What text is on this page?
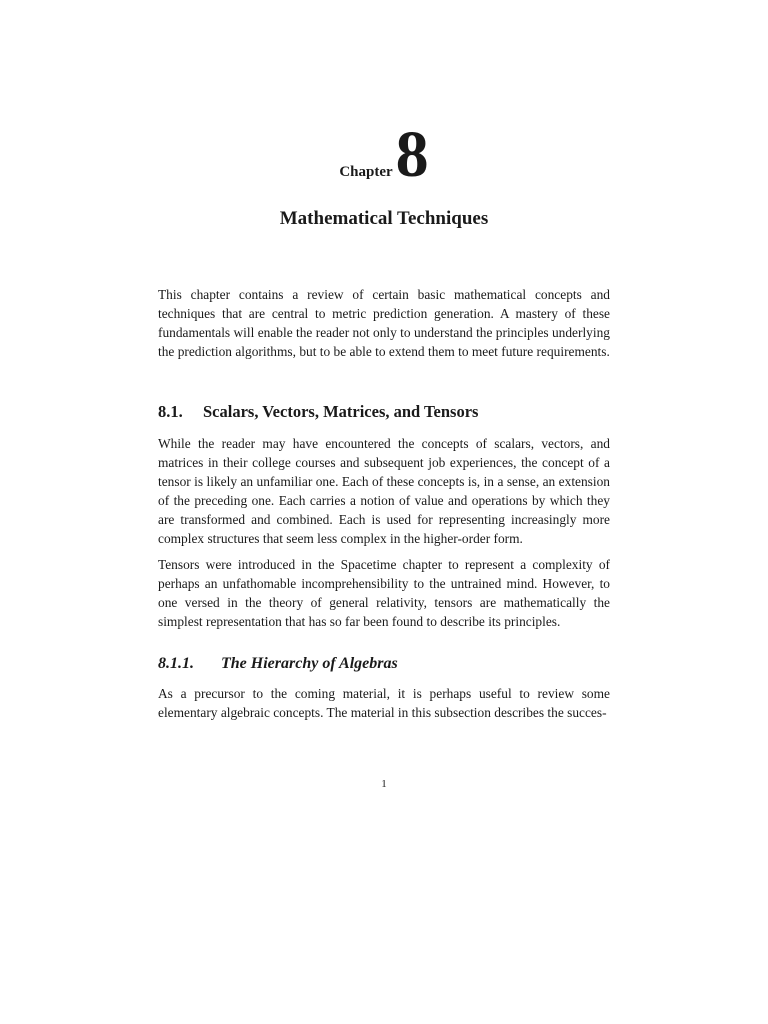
Chapter8
Mathematical Techniques

This chapter contains a review of certain basic mathematical concepts and techniques that are central to metric prediction generation. A mastery of these fundamentals will enable the reader not only to understand the principles underlying the prediction algorithms, but to be able to extend them to meet future requirements.

8.1. Scalars, Vectors, Matrices, and Tensors

While the reader may have encountered the concepts of scalars, vectors, and matrices in their college courses and subsequent job experiences, the concept of a tensor is likely an unfamiliar one. Each of these concepts is, in a sense, an extension of the preceding one. Each carries a notion of value and operations by which they are transformed and combined. Each is used for representing increasingly more complex structures that seem less complex in the higher-order form.

Tensors were introduced in the Spacetime chapter to represent a complexity of perhaps an unfathomable incomprehensibility to the untrained mind. However, to one versed in the theory of general relativity, tensors are mathematically the simplest representation that has so far been found to describe its principles.

8.1.1. The Hierarchy of Algebras

As a precursor to the coming material, it is perhaps useful to review some elementary algebraic concepts. The material in this subsection describes the succes-

1
